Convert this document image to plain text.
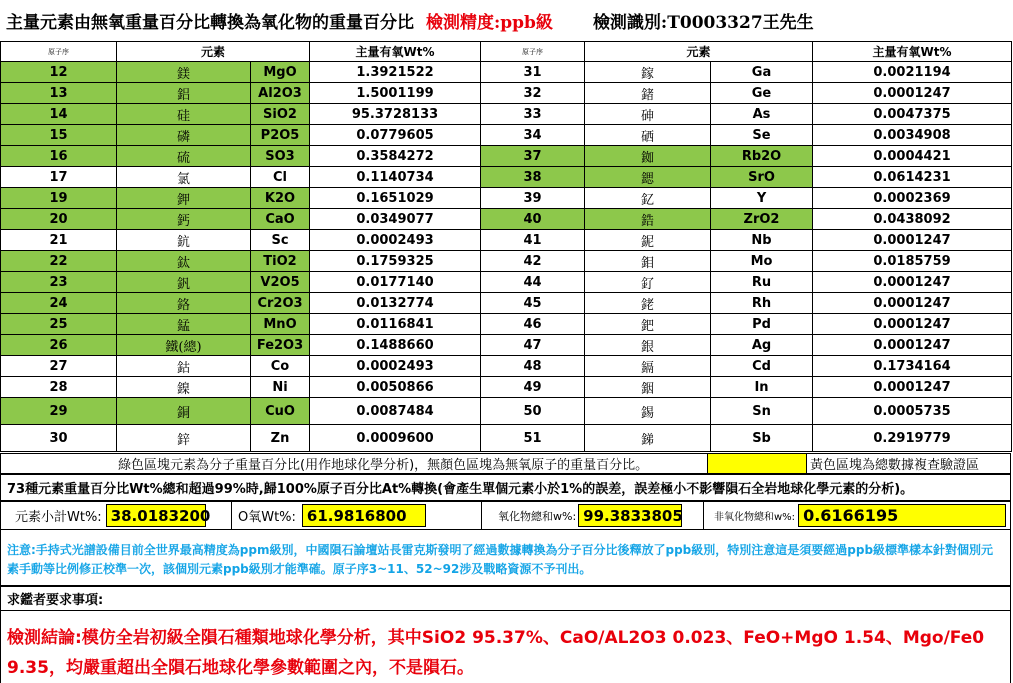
主量元素由無氧重量百分比轉換為氧化物的重量百分比 檢測精度:ppb級 檢測識別:T0003327王先生
原子序	元素		主量有氧Wt%	原子序	元素		主量有氧Wt%
12	鎂	MgO	1.3921522	31	鎵	Ga	0.0021194
13	鋁	Al2O3	1.5001199	32	鍺	Ge	0.0001247
14	硅	SiO2	95.3728133	33	砷	As	0.0047375
15	磷	P2O5	0.0779605	34	硒	Se	0.0034908
16	硫	SO3	0.3584272	37	銣	Rb2O	0.0004421
17	氯	Cl	0.1140734	38	鍶	SrO	0.0614231
19	鉀	K2O	0.1651029	39	釔	Y	0.0002369
20	鈣	CaO	0.0349077	40	鋯	ZrO2	0.0438092
21	鈧	Sc	0.0002493	41	鈮	Nb	0.0001247
22	鈦	TiO2	0.1759325	42	鉬	Mo	0.0185759
23	釩	V2O5	0.0177140	44	釕	Ru	0.0001247
24	鉻	Cr2O3	0.0132774	45	銠	Rh	0.0001247
25	錳	MnO	0.0116841	46	鈀	Pd	0.0001247
26	鐵(總)	Fe2O3	0.1488660	47	銀	Ag	0.0001247
27	鈷	Co	0.0002493	48	鎘	Cd	0.1734164
28	鎳	Ni	0.0050866	49	銦	In	0.0001247
29	銅	CuO	0.0087484	50	錫	Sn	0.0005735
30	鋅	Zn	0.0009600	51	銻	Sb	0.2919779
綠色區塊元素為分子重量百分比(用作地球化學分析)，無顏色區塊為無氧原子的重量百分比。	黃色區塊為總數據複查驗證區
73種元素重量百分比Wt%總和超過99%時,歸100%原子百分比At%轉換(會產生單個元素小於1%的誤差，誤差極小不影響隕石全岩地球化學元素的分析)。
元素小計Wt%: 38.0183200	O氧Wt%: 61.9816800	氧化物總和w%: 99.3833805	非氧化物總和w%: 0.6166195
注意:手持式光譜設備目前全世界最高精度為ppm級別，中國隕石論壇站長雷克斯發明了經過數據轉換為分子百分比後釋放了ppb級別，特別注意這是須要經過ppb級標準樣本針對個別元素手動等比例修正校準一次，該個別元素ppb級別才能準確。原子序3~11、52~92涉及戰略資源不予刊出。
求鑑者要求事項:
檢測結論:模仿全岩初級全隕石種類地球化學分析，其中SiO2 95.37%、CaO/AL2O3 0.023、FeO+MgO 1.54、Mgo/Fe0 9.35，均嚴重超出全隕石地球化學參數範圍之內，不是隕石。
